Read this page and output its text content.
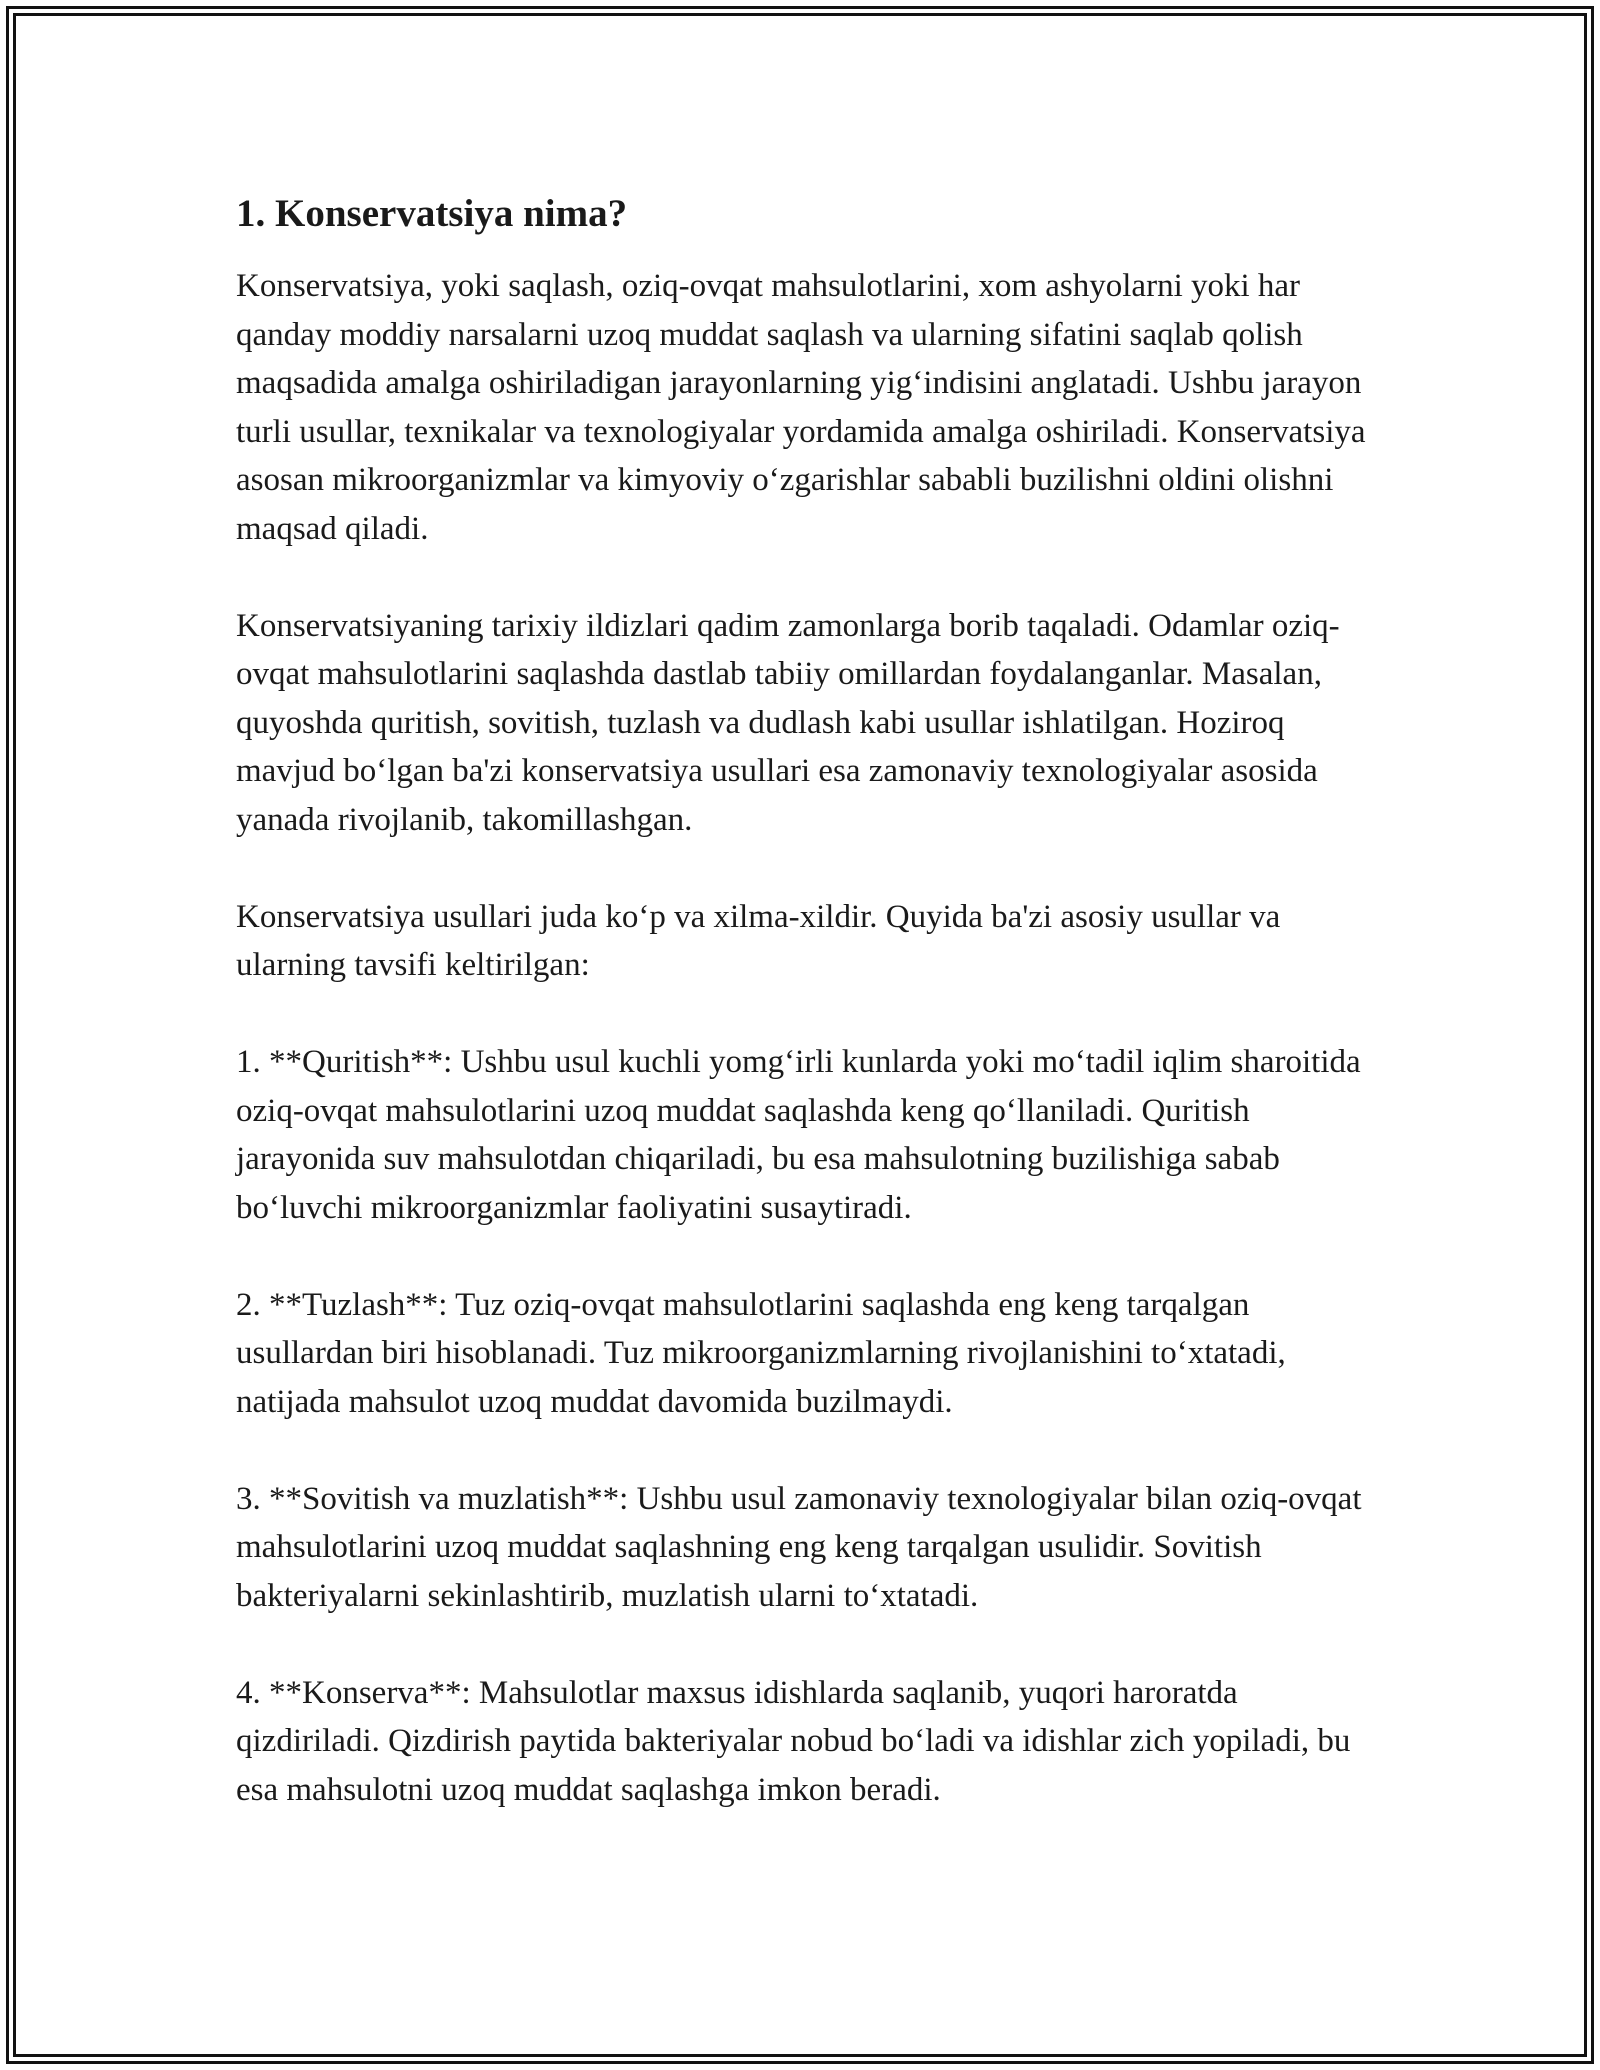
1. Konservatsiya nima?

Konservatsiya, yoki saqlash, oziq-ovqat mahsulotlarini, xom ashyolarni yoki har qanday moddiy narsalarni uzoq muddat saqlash va ularning sifatini saqlab qolish maqsadida amalga oshiriladigan jarayonlarning yig‘indisini anglatadi. Ushbu jarayon turli usullar, texnikalar va texnologiyalar yordamida amalga oshiriladi. Konservatsiya asosan mikroorganizmlar va kimyoviy o‘zgarishlar sababli buzilishni oldini olishni maqsad qiladi.

Konservatsiyaning tarixiy ildizlari qadim zamonlarga borib taqaladi. Odamlar oziq-ovqat mahsulotlarini saqlashda dastlab tabiiy omillardan foydalanganlar. Masalan, quyoshda quritish, sovitish, tuzlash va dudlash kabi usullar ishlatilgan. Hoziroq mavjud bo‘lgan ba'zi konservatsiya usullari esa zamonaviy texnologiyalar asosida yanada rivojlanib, takomillashgan.

Konservatsiya usullari juda ko‘p va xilma-xildir. Quyida ba'zi asosiy usullar va ularning tavsifi keltirilgan:

1. **Quritish**: Ushbu usul kuchli yomg‘irli kunlarda yoki mo‘tadil iqlim sharoitida oziq-ovqat mahsulotlarini uzoq muddat saqlashda keng qo‘llaniladi. Quritish jarayonida suv mahsulotdan chiqariladi, bu esa mahsulotning buzilishiga sabab bo‘luvchi mikroorganizmlar faoliyatini susaytiradi.

2. **Tuzlash**: Tuz oziq-ovqat mahsulotlarini saqlashda eng keng tarqalgan usullardan biri hisoblanadi. Tuz mikroorganizmlarning rivojlanishini to‘xtatadi, natijada mahsulot uzoq muddat davomida buzilmaydi.

3. **Sovitish va muzlatish**: Ushbu usul zamonaviy texnologiyalar bilan oziq-ovqat mahsulotlarini uzoq muddat saqlashning eng keng tarqalgan usulidir. Sovitish bakteriyalarni sekinlashtirib, muzlatish ularni to‘xtatadi.

4. **Konserva**: Mahsulotlar maxsus idishlarda saqlanib, yuqori haroratda qizdiriladi. Qizdirish paytida bakteriyalar nobud bo‘ladi va idishlar zich yopiladi, bu esa mahsulotni uzoq muddat saqlashga imkon beradi.
